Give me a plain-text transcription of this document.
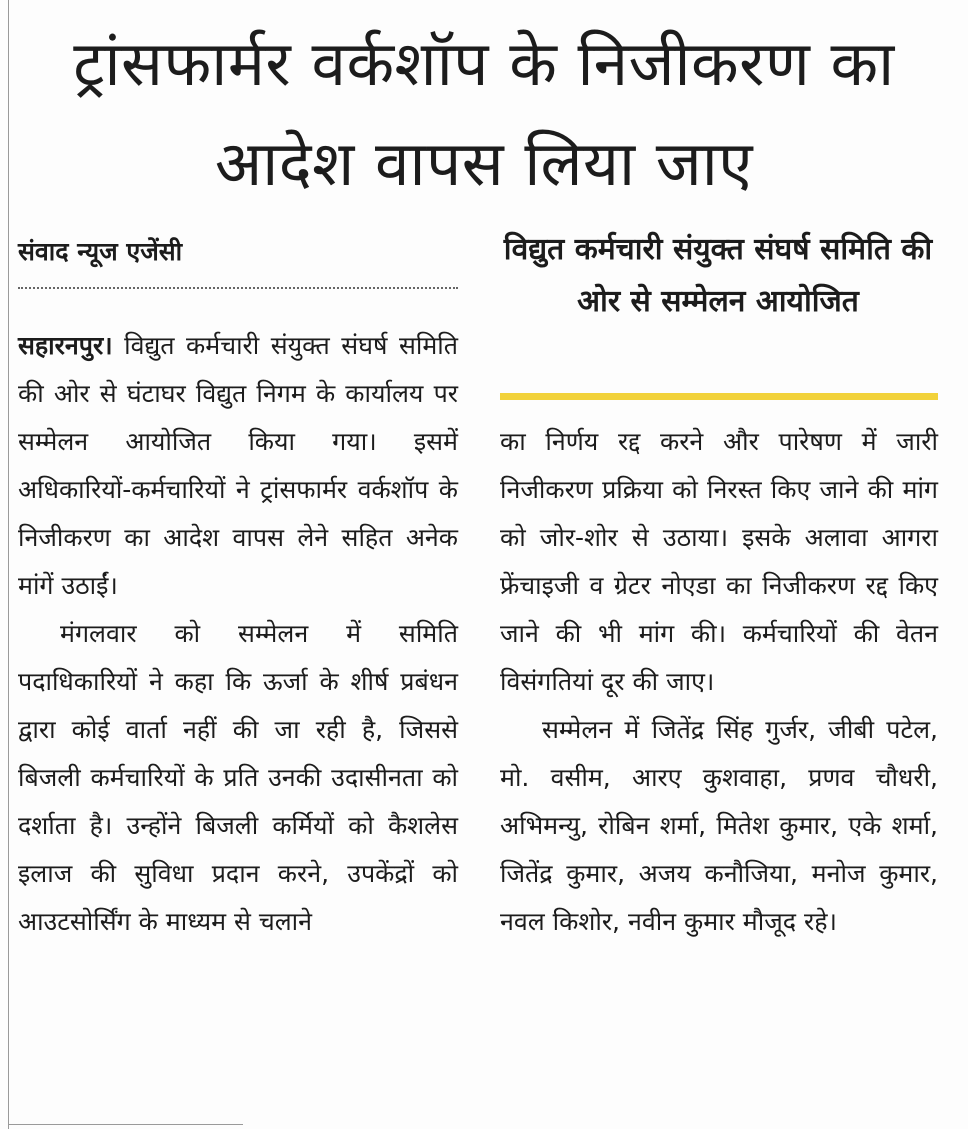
ट्रांसफार्मर वर्कशॉप के निजीकरण का आदेश वापस लिया जाए
संवाद न्यूज एजेंसी	विद्युत कर्मचारी संयुक्त संघर्ष समिति की ओर से सम्मेलन आयोजित

सहारनपुर। विद्युत कर्मचारी संयुक्त संघर्ष समिति की ओर से घंटाघर विद्युत निगम के कार्यालय पर सम्मेलन आयोजित किया गया। इसमें अधिकारियों-कर्मचारियों ने ट्रांसफार्मर वर्कशॉप के निजीकरण का आदेश वापस लेने सहित अनेक मांगें उठाईं।

मंगलवार को सम्मेलन में समिति पदाधिकारियों ने कहा कि ऊर्जा के शीर्ष प्रबंधन द्वारा कोई वार्ता नहीं की जा रही है, जिससे बिजली कर्मचारियों के प्रति उनकी उदासीनता को दर्शाता है। उन्होंने बिजली कर्मियों को कैशलेस इलाज की सुविधा प्रदान करने, उपकेंद्रों को आउटसोर्सिंग के माध्यम से चलाने

का निर्णय रद्द करने और पारेषण में जारी निजीकरण प्रक्रिया को निरस्त किए जाने की मांग को जोर-शोर से उठाया। इसके अलावा आगरा फ्रेंचाइजी व ग्रेटर नोएडा का निजीकरण रद्द किए जाने की भी मांग की। कर्मचारियों की वेतन विसंगतियां दूर की जाए।

सम्मेलन में जितेंद्र सिंह गुर्जर, जीबी पटेल, मो. वसीम, आरए कुशवाहा, प्रणव चौधरी, अभिमन्यु, रोबिन शर्मा, मितेश कुमार, एके शर्मा, जितेंद्र कुमार, अजय कनौजिया, मनोज कुमार, नवल किशोर, नवीन कुमार मौजूद रहे।
